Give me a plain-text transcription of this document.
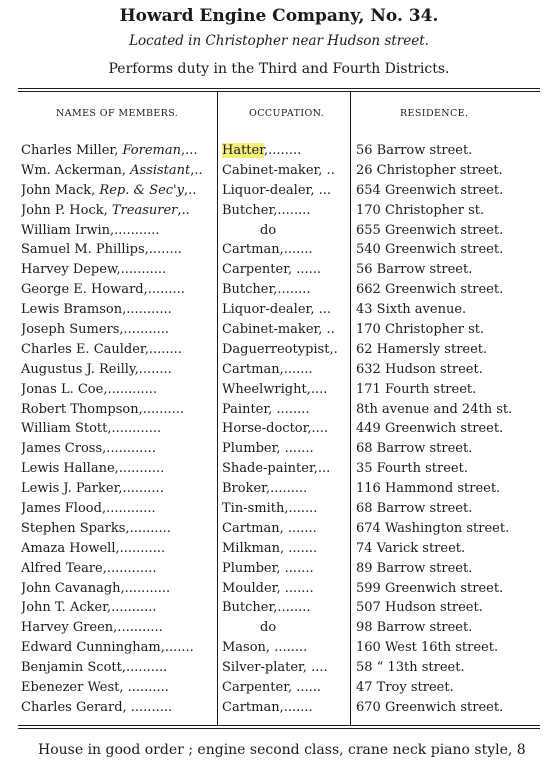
Howard Engine Company, No. 34.
Located in Christopher near Hudson street.
Performs duty in the Third and Fourth Districts.
NAMES OF MEMBERS.	OCCUPATION.	RESIDENCE.
Charles Miller, Foreman,...	Hatter,........	56 Barrow street.
Wm. Ackerman, Assistant,..	Cabinet-maker, ..	26 Christopher street.
John Mack, Rep. & Sec'y,..	Liquor-dealer, ...	654 Greenwich street.
John P. Hock, Treasurer,..	Butcher,........	170 Christopher st.
William Irwin,...........	do	655 Greenwich street.
Samuel M. Phillips,........	Cartman,.......	540 Greenwich street.
Harvey Depew,...........	Carpenter, ......	56 Barrow street.
George E. Howard,.........	Butcher,........	662 Greenwich street.
Lewis Bramson,...........	Liquor-dealer, ...	43 Sixth avenue.
Joseph Sumers,...........	Cabinet-maker, ..	170 Christopher st.
Charles E. Caulder,........	Daguerreotypist,.	62 Hamersly street.
Augustus J. Reilly,........	Cartman,.......	632 Hudson street.
Jonas L. Coe,............	Wheelwright,....	171 Fourth street.
Robert Thompson,..........	Painter, ........	8th avenue and 24th st.
William Stott,............	Horse-doctor,....	449 Greenwich street.
James Cross,............	Plumber, .......	68 Barrow street.
Lewis Hallane,...........	Shade-painter,...	35 Fourth street.
Lewis J. Parker,..........	Broker,.........	116 Hammond street.
James Flood,............	Tin-smith,.......	68 Barrow street.
Stephen Sparks,..........	Cartman, .......	674 Washington street.
Amaza Howell,...........	Milkman, .......	74 Varick street.
Alfred Teare,............	Plumber, .......	89 Barrow street.
John Cavanagh,...........	Moulder, .......	599 Greenwich street.
John T. Acker,...........	Butcher,........	507 Hudson street.
Harvey Green,...........	do	98 Barrow street.
Edward Cunningham,.......	Mason, ........	160 West 16th street.
Benjamin Scott,..........	Silver-plater, ....	58 “ 13th street.
Ebenezer West, ..........	Carpenter, ......	47 Troy street.
Charles Gerard, ..........	Cartman,.......	670 Greenwich street.
House in good order ; engine second class, crane neck piano style, 8
